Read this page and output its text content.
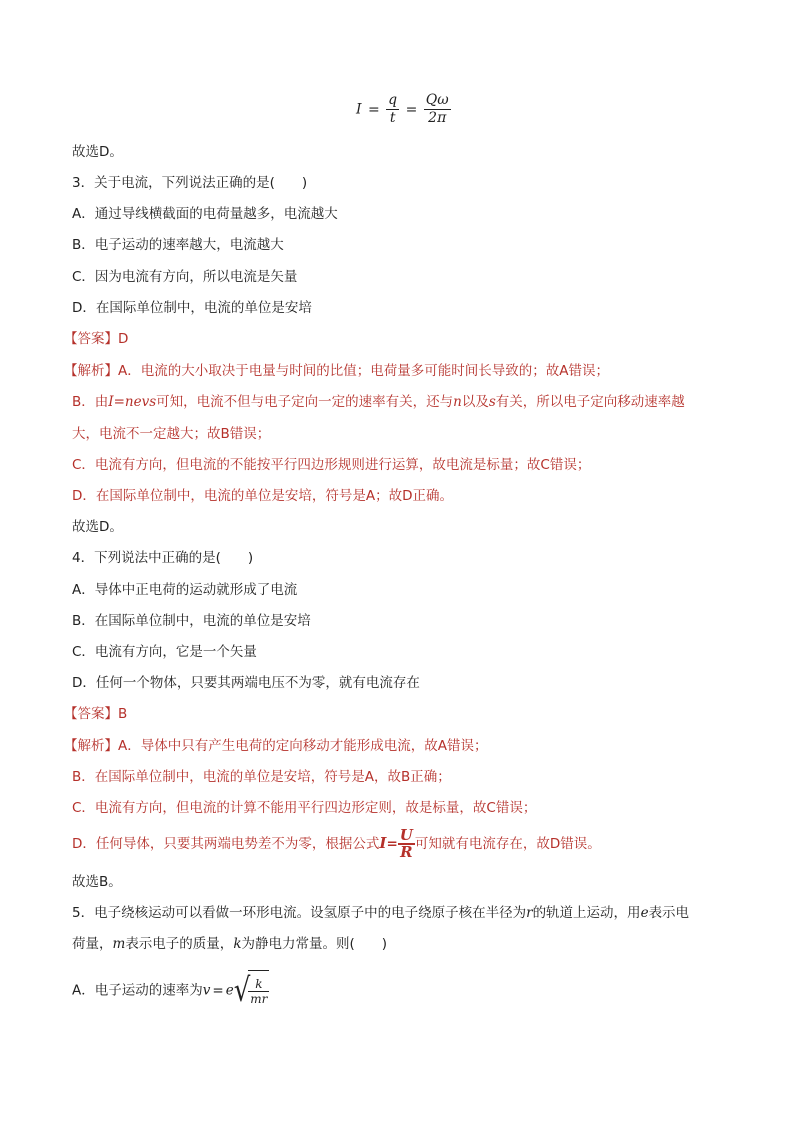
$I = \frac{q}{t} = \frac{Q\omega}{2\pi}$
故选D。
3．关于电流，下列说法正确的是(　　)
A．通过导线横截面的电荷量越多，电流越大
B．电子运动的速率越大，电流越大
C．因为电流有方向，所以电流是矢量
D．在国际单位制中，电流的单位是安培
【答案】D
【解析】A．电流的大小取决于电量与时间的比值；电荷量多可能时间长导致的；故A错误；
B．由I=nevs可知，电流不但与电子定向一定的速率有关，还与n以及s有关，所以电子定向移动速率越
大，电流不一定越大；故B错误；
C．电流有方向，但电流的不能按平行四边形规则进行运算，故电流是标量；故C错误；
D．在国际单位制中，电流的单位是安培，符号是A；故D正确。
故选D。
4．下列说法中正确的是(　　)
A．导体中正电荷的运动就形成了电流
B．在国际单位制中，电流的单位是安培
C．电流有方向，它是一个矢量
D．任何一个物体，只要其两端电压不为零，就有电流存在
【答案】B
【解析】A．导体中只有产生电荷的定向移动才能形成电流，故A错误；
B．在国际单位制中，电流的单位是安培，符号是A，故B正确；
C．电流有方向，但电流的计算不能用平行四边形定则，故是标量，故C错误；
D．任何导体，只要其两端电势差不为零，根据公式$I= \frac{U}{R}$ 可知就有电流存在，故D错误。
故选B。
5．电子绕核运动可以看做一环形电流。设氢原子中的电子绕原子核在半径为r的轨道上运动，用e表示电
荷量，m表示电子的质量，k为静电力常量。则(　　)
A．电子运动的速率为v = e√
$\frac{k}{mr}$
